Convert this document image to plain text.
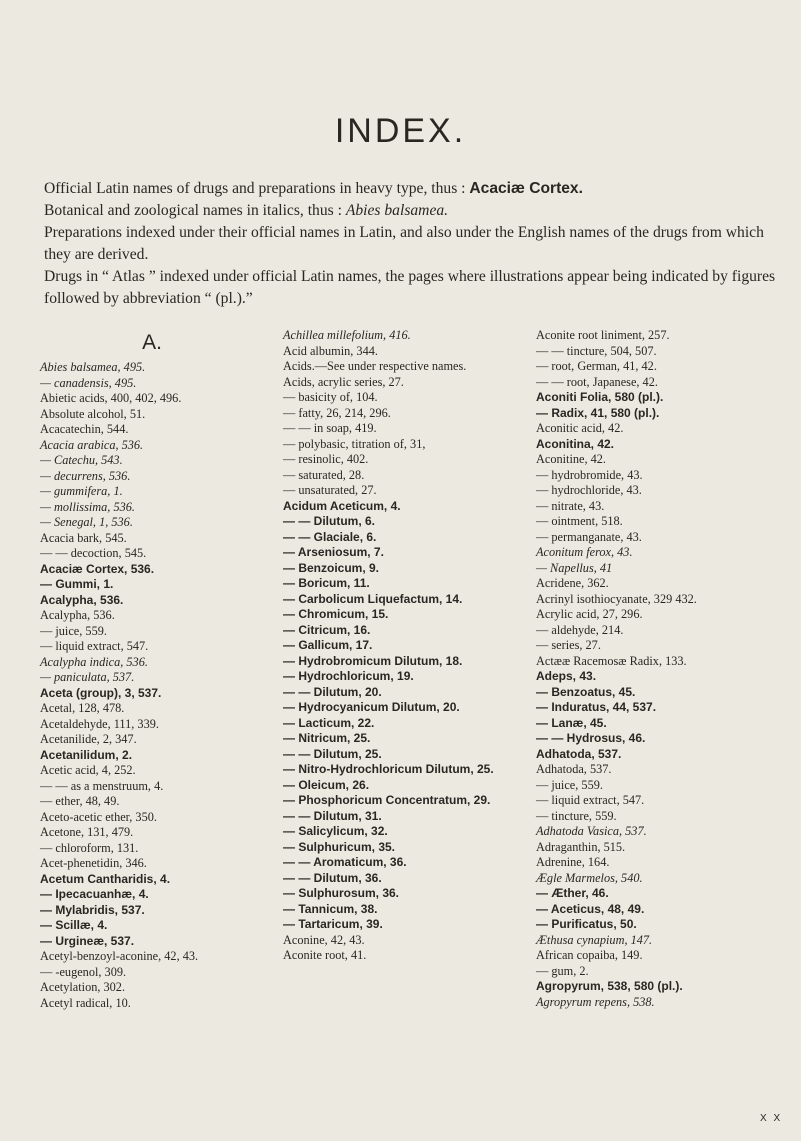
INDEX.

Official Latin names of drugs and preparations in heavy type, thus : Acaciæ Cortex.

Botanical and zoological names in italics, thus : Abies balsamea.

Preparations indexed under their official names in Latin, and also under the English names of the drugs from which they are derived.

Drugs in “ Atlas ” indexed under official Latin names, the pages where illustrations appear being indicated by figures followed by abbreviation “ (pl.).”

A.
Abies balsamea, 495.
— canadensis, 495.
Abietic acids, 400, 402, 496.
Absolute alcohol, 51.
Acacatechin, 544.
Acacia arabica, 536.
— Catechu, 543.
— decurrens, 536.
— gummifera, 1.
— mollissima, 536.
— Senegal, 1, 536.
Acacia bark, 545.
— — decoction, 545.
Acaciæ Cortex, 536.
— Gummi, 1.
Acalypha, 536.
Acalypha, 536.
— juice, 559.
— liquid extract, 547.
Acalypha indica, 536.
— paniculata, 537.
Aceta (group), 3, 537.
Acetal, 128, 478.
Acetaldehyde, 111, 339.
Acetanilide, 2, 347.
Acetanilidum, 2.
Acetic acid, 4, 252.
— — as a menstruum, 4.
— ether, 48, 49.
Aceto-acetic ether, 350.
Acetone, 131, 479.
— chloroform, 131.
Acet-phenetidin, 346.
Acetum Cantharidis, 4.
— Ipecacuanhæ, 4.
— Mylabridis, 537.
— Scillæ, 4.
— Urgineæ, 537.
Acetyl-benzoyl-aconine, 42, 43.
— -eugenol, 309.
Acetylation, 302.
Acetyl radical, 10.
Achillea millefolium, 416.
Acid albumin, 344.
Acids.—See under respective names.
Acids, acrylic series, 27.
— basicity of, 104.
— fatty, 26, 214, 296.
— — in soap, 419.
— polybasic, titration of, 31,
— resinolic, 402.
— saturated, 28.
— unsaturated, 27.
Acidum Aceticum, 4.
— — Dilutum, 6.
— — Glaciale, 6.
— Arseniosum, 7.
— Benzoicum, 9.
— Boricum, 11.
— Carbolicum Liquefactum, 14.
— Chromicum, 15.
— Citricum, 16.
— Gallicum, 17.
— Hydrobromicum Dilutum, 18.
— Hydrochloricum, 19.
— — Dilutum, 20.
— Hydrocyanicum Dilutum, 20.
— Lacticum, 22.
— Nitricum, 25.
— — Dilutum, 25.
— Nitro-Hydrochloricum Dilutum, 25.
— Oleicum, 26.
— Phosphoricum Concentratum, 29.
— — Dilutum, 31.
— Salicylicum, 32.
— Sulphuricum, 35.
— — Aromaticum, 36.
— — Dilutum, 36.
— Sulphurosum, 36.
— Tannicum, 38.
— Tartaricum, 39.
Aconine, 42, 43.
Aconite root, 41.
Aconite root liniment, 257.
— — tincture, 504, 507.
— root, German, 41, 42.
— — root, Japanese, 42.
Aconiti Folia, 580 (pl.).
— Radix, 41, 580 (pl.).
Aconitic acid, 42.
Aconitina, 42.
Aconitine, 42.
— hydrobromide, 43.
— hydrochloride, 43.
— nitrate, 43.
— ointment, 518.
— permanganate, 43.
Aconitum ferox, 43.
— Napellus, 41
Acridene, 362.
Acrinyl isothiocyanate, 329 432.
Acrylic acid, 27, 296.
— aldehyde, 214.
— series, 27.
Actææ Racemosæ Radix, 133.
Adeps, 43.
— Benzoatus, 45.
— Induratus, 44, 537.
— Lanæ, 45.
— — Hydrosus, 46.
Adhatoda, 537.
Adhatoda, 537.
— juice, 559.
— liquid extract, 547.
— tincture, 559.
Adhatoda Vasica, 537.
Adraganthin, 515.
Adrenine, 164.
Ægle Marmelos, 540.
— Æther, 46.
— Aceticus, 48, 49.
— Purificatus, 50.
Æthusa cynapium, 147.
African copaiba, 149.
— gum, 2.
Agropyrum, 538, 580 (pl.).
Agropyrum repens, 538.
X X
